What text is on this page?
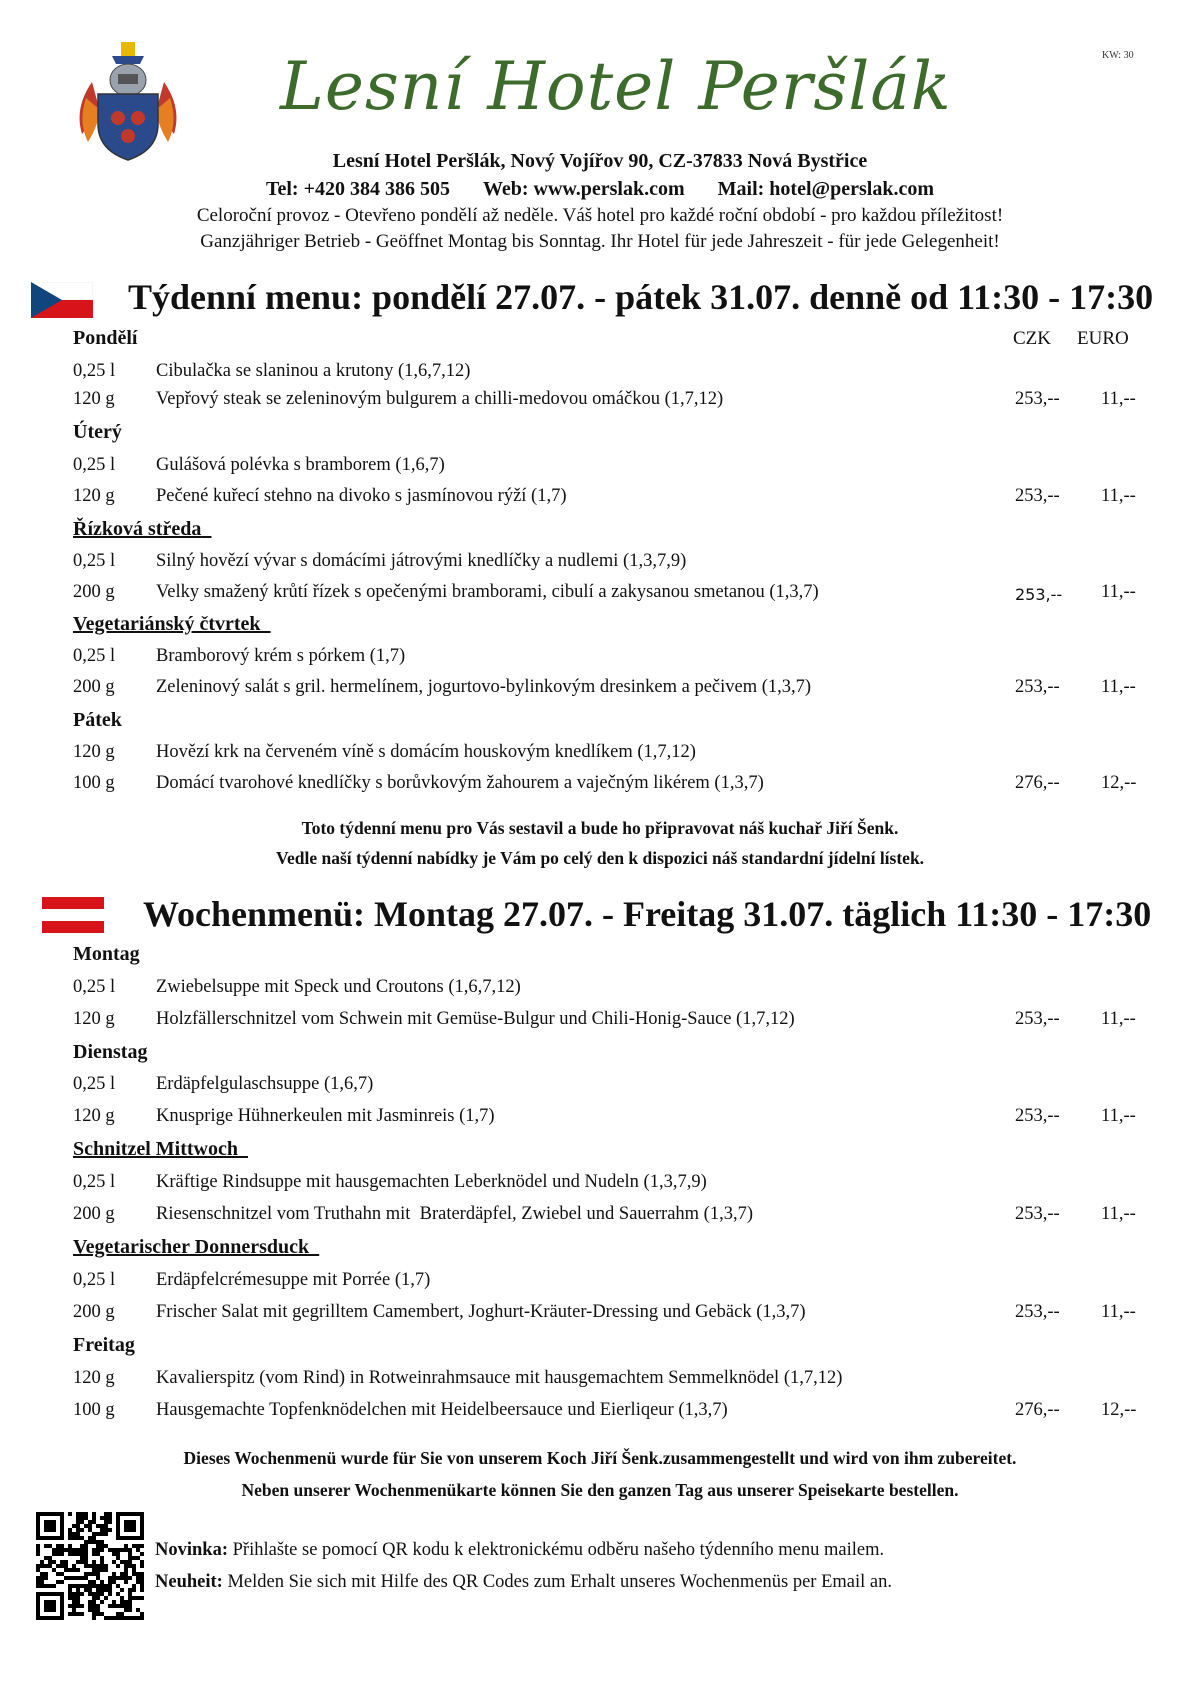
KW: 30
Lesní Hotel Peršlák
Lesní Hotel Peršlák, Nový Vojířov 90, CZ-37833 Nová Bystřice
Tel: +420 384 386 505 Web: www.perslak.com Mail: hotel@perslak.com
Celoroční provoz - Otevřeno pondělí až neděle. Váš hotel pro každé roční období - pro každou příležitost!
Ganzjähriger Betrieb - Geöffnet Montag bis Sonntag. Ihr Hotel für jede Jahreszeit - für jede Gelegenheit!
Týdenní menu: pondělí 27.07. - pátek 31.07. denně od 11:30 - 17:30
CZK EURO
Pondělí
0,25 l Cibulačka se slaninou a krutony (1,6,7,12)
120 g Vepřový steak se zeleninovým bulgurem a chilli-medovou omáčkou (1,7,12)	253,-- 11,--
Úterý
0,25 l Gulášová polévka s bramborem (1,6,7)
120 g Pečené kuřecí stehno na divoko s jasmínovou rýží (1,7)	253,-- 11,--
Řízková středa
0,25 l Silný hovězí vývar s domácími játrovými knedlíčky a nudlemi (1,3,7,9)
200 g Velky smažený krůtí řízek s opečenými bramborami, cibulí a zakysanou smetanou (1,3,7)	253,-- 11,--
Vegetariánský čtvrtek
0,25 l Bramborový krém s pórkem (1,7)
200 g Zeleninový salát s gril. hermelínem, jogurtovo-bylinkovým dresinkem a pečivem (1,3,7)	253,-- 11,--
Pátek
120 g Hovězí krk na červeném víně s domácím houskovým knedlíkem (1,7,12)
100 g Domácí tvarohové knedlíčky s borůvkovým žahourem a vaječným likérem (1,3,7)	276,-- 12,--
Toto týdenní menu pro Vás sestavil a bude ho připravovat náš kuchař Jiří Šenk.
Vedle naší týdenní nabídky je Vám po celý den k dispozici náš standardní jídelní lístek.
Wochenmenü: Montag 27.07. - Freitag 31.07. täglich 11:30 - 17:30
Montag
0,25 l Zwiebelsuppe mit Speck und Croutons (1,6,7,12)
120 g Holzfällerschnitzel vom Schwein mit Gemüse-Bulgur und Chili-Honig-Sauce (1,7,12)	253,-- 11,--
Dienstag
0,25 l Erdäpfelgulaschsuppe (1,6,7)
120 g Knusprige Hühnerkeulen mit Jasminreis (1,7)	253,-- 11,--
Schnitzel Mittwoch
0,25 l Kräftige Rindsuppe mit hausgemachten Leberknödel und Nudeln (1,3,7,9)
200 g Riesenschnitzel vom Truthahn mit  Braterdäpfel, Zwiebel und Sauerrahm (1,3,7)	253,-- 11,--
Vegetarischer Donnersduck
0,25 l Erdäpfelcrémesuppe mit Porrée (1,7)
200 g Frischer Salat mit gegrilltem Camembert, Joghurt-Kräuter-Dressing und Gebäck (1,3,7)	253,-- 11,--
Freitag
120 g Kavalierspitz (vom Rind) in Rotweinrahmsauce mit hausgemachtem Semmelknödel (1,7,12)
100 g Hausgemachte Topfenknödelchen mit Heidelbeersauce und Eierliqeur (1,3,7)	276,-- 12,--
Dieses Wochenmenü wurde für Sie von unserem Koch Jiří Šenk.zusammengestellt und wird von ihm zubereitet.
Neben unserer Wochenmenükarte können Sie den ganzen Tag aus unserer Speisekarte bestellen.
Novinka: Přihlašte se pomocí QR kodu k elektronickému odběru našeho týdenního menu mailem.
Neuheit: Melden Sie sich mit Hilfe des QR Codes zum Erhalt unseres Wochenmenüs per Email an.
